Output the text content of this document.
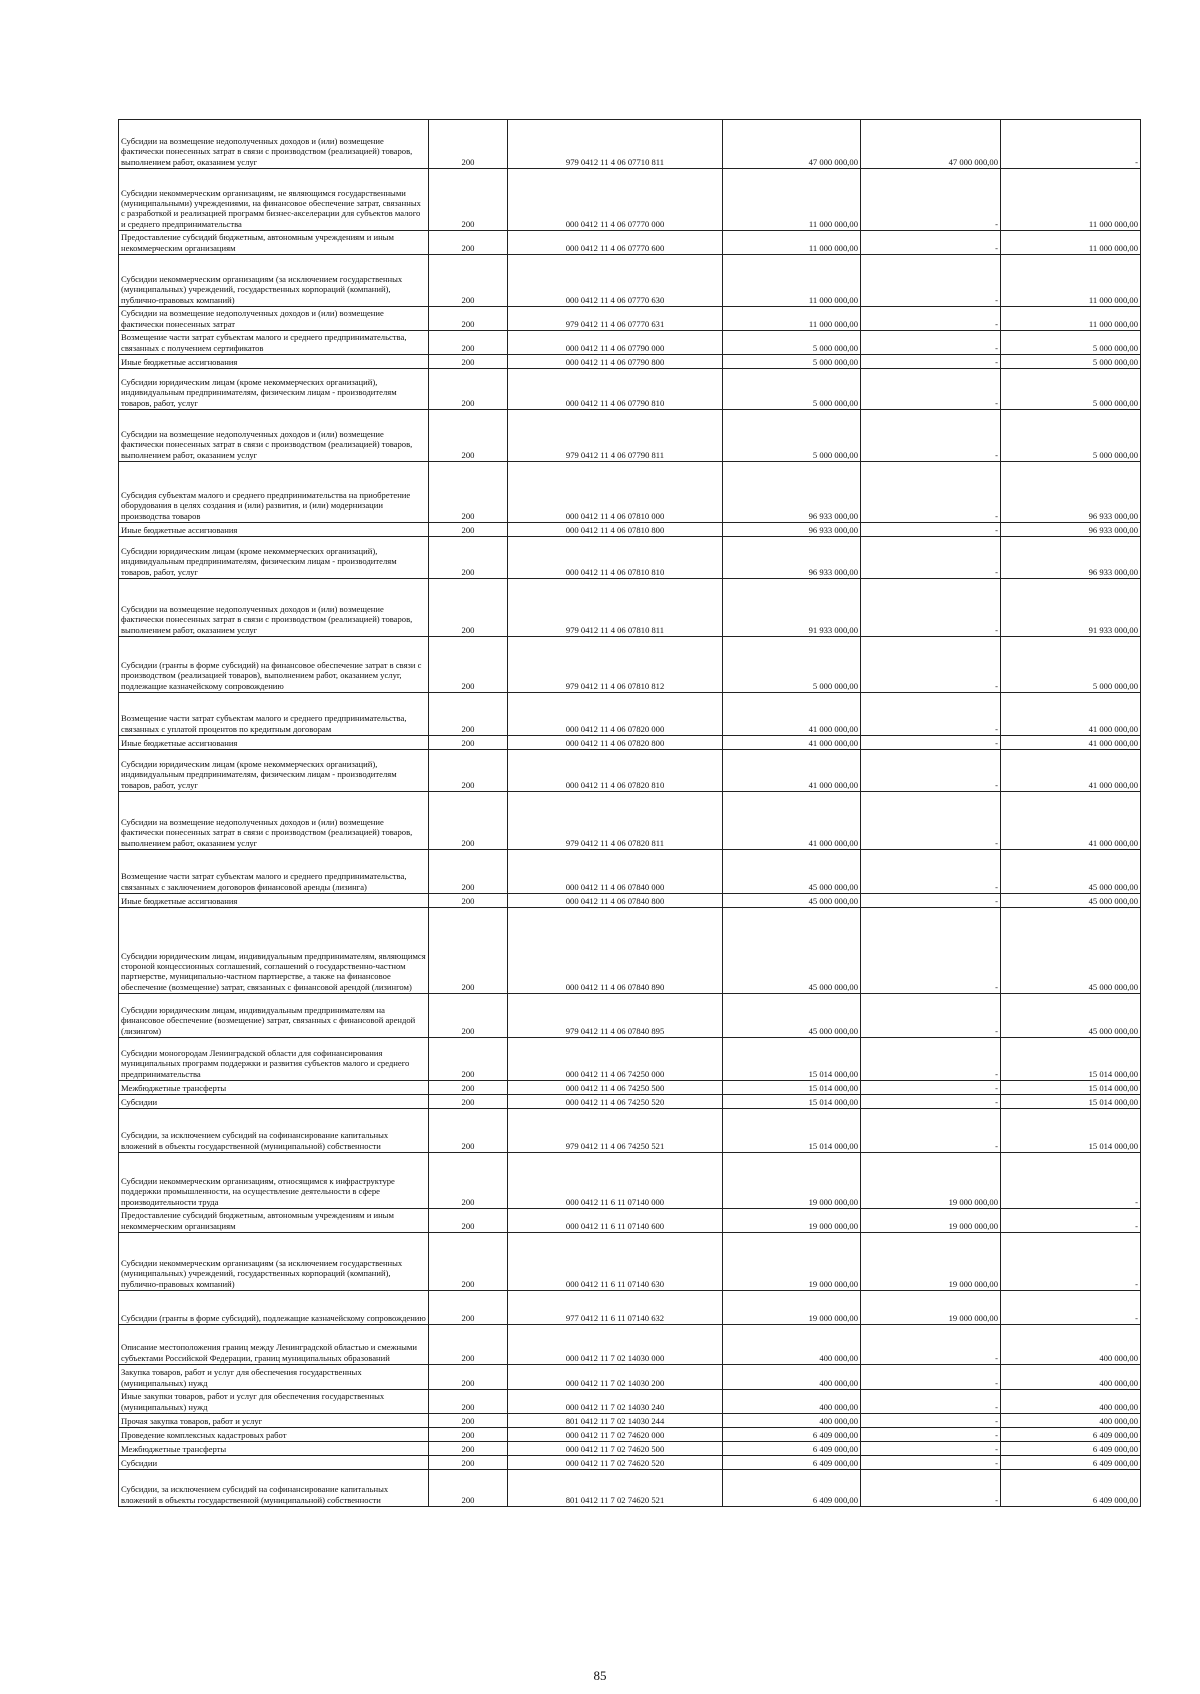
Субсидии на возмещение недополученных доходов и (или) возмещение фактически понесенных затрат в связи с производством (реализацией) товаров, выполнением работ, оказанием услуг	200	979 0412 11 4 06 07710 811	47 000 000,00	47 000 000,00	-
Субсидии некоммерческим организациям, не являющимся государственными (муниципальными) учреждениями, на финансовое обеспечение затрат, связанных с разработкой и реализацией программ бизнес-акселерации для субъектов малого и среднего предпринимательства	200	000 0412 11 4 06 07770 000	11 000 000,00	-	11 000 000,00
Предоставление субсидий бюджетным, автономным учреждениям и иным некоммерческим организациям	200	000 0412 11 4 06 07770 600	11 000 000,00	-	11 000 000,00
Субсидии некоммерческим организациям (за исключением государственных (муниципальных) учреждений, государственных корпораций (компаний), публично-правовых компаний)	200	000 0412 11 4 06 07770 630	11 000 000,00	-	11 000 000,00
Субсидии на возмещение недополученных доходов и (или) возмещение фактически понесенных затрат	200	979 0412 11 4 06 07770 631	11 000 000,00	-	11 000 000,00
Возмещение части затрат субъектам малого и среднего предпринимательства, связанных с получением сертификатов	200	000 0412 11 4 06 07790 000	5 000 000,00	-	5 000 000,00
Иные бюджетные ассигнования	200	000 0412 11 4 06 07790 800	5 000 000,00	-	5 000 000,00
Субсидии юридическим лицам (кроме некоммерческих организаций), индивидуальным предпринимателям, физическим лицам - производителям товаров, работ, услуг	200	000 0412 11 4 06 07790 810	5 000 000,00	-	5 000 000,00
Субсидии на возмещение недополученных доходов и (или) возмещение фактически понесенных затрат в связи с производством (реализацией) товаров, выполнением работ, оказанием услуг	200	979 0412 11 4 06 07790 811	5 000 000,00	-	5 000 000,00
Субсидия субъектам малого и среднего предпринимательства на приобретение оборудования в целях создания и (или) развития, и (или) модернизации производства товаров	200	000 0412 11 4 06 07810 000	96 933 000,00	-	96 933 000,00
Иные бюджетные ассигнования	200	000 0412 11 4 06 07810 800	96 933 000,00	-	96 933 000,00
Субсидии юридическим лицам (кроме некоммерческих организаций), индивидуальным предпринимателям, физическим лицам - производителям товаров, работ, услуг	200	000 0412 11 4 06 07810 810	96 933 000,00	-	96 933 000,00
Субсидии на возмещение недополученных доходов и (или) возмещение фактически понесенных затрат в связи с производством (реализацией) товаров, выполнением работ, оказанием услуг	200	979 0412 11 4 06 07810 811	91 933 000,00	-	91 933 000,00
Субсидии (гранты в форме субсидий) на финансовое обеспечение затрат в связи с производством (реализацией товаров), выполнением работ, оказанием услуг, подлежащие казначейскому сопровождению	200	979 0412 11 4 06 07810 812	5 000 000,00	-	5 000 000,00
Возмещение части затрат субъектам малого и среднего предпринимательства, связанных с уплатой процентов по кредитным договорам	200	000 0412 11 4 06 07820 000	41 000 000,00	-	41 000 000,00
Иные бюджетные ассигнования	200	000 0412 11 4 06 07820 800	41 000 000,00	-	41 000 000,00
Субсидии юридическим лицам (кроме некоммерческих организаций), индивидуальным предпринимателям, физическим лицам - производителям товаров, работ, услуг	200	000 0412 11 4 06 07820 810	41 000 000,00	-	41 000 000,00
Субсидии на возмещение недополученных доходов и (или) возмещение фактически понесенных затрат в связи с производством (реализацией) товаров, выполнением работ, оказанием услуг	200	979 0412 11 4 06 07820 811	41 000 000,00	-	41 000 000,00
Возмещение части затрат субъектам малого и среднего предпринимательства, связанных с заключением договоров финансовой аренды (лизинга)	200	000 0412 11 4 06 07840 000	45 000 000,00	-	45 000 000,00
Иные бюджетные ассигнования	200	000 0412 11 4 06 07840 800	45 000 000,00	-	45 000 000,00
Субсидии юридическим лицам, индивидуальным предпринимателям, являющимся стороной концессионных соглашений, соглашений о государственно-частном партнерстве, муниципально-частном партнерстве, а также на финансовое обеспечение (возмещение) затрат, связанных с финансовой арендой (лизингом)	200	000 0412 11 4 06 07840 890	45 000 000,00	-	45 000 000,00
Субсидии юридическим лицам, индивидуальным предпринимателям на финансовое обеспечение (возмещение) затрат, связанных с финансовой арендой (лизингом)	200	979 0412 11 4 06 07840 895	45 000 000,00	-	45 000 000,00
Субсидии моногородам Ленинградской области для софинансирования муниципальных программ поддержки и развития субъектов малого и среднего предпринимательства	200	000 0412 11 4 06 74250 000	15 014 000,00	-	15 014 000,00
Межбюджетные трансферты	200	000 0412 11 4 06 74250 500	15 014 000,00	-	15 014 000,00
Субсидии	200	000 0412 11 4 06 74250 520	15 014 000,00	-	15 014 000,00
Субсидии, за исключением субсидий на софинансирование капитальных вложений в объекты государственной (муниципальной) собственности	200	979 0412 11 4 06 74250 521	15 014 000,00	-	15 014 000,00
Субсидии некоммерческим организациям, относящимся к инфраструктуре поддержки промышленности, на осуществление деятельности в сфере производительности труда	200	000 0412 11 6 11 07140 000	19 000 000,00	19 000 000,00	-
Предоставление субсидий бюджетным, автономным учреждениям и иным некоммерческим организациям	200	000 0412 11 6 11 07140 600	19 000 000,00	19 000 000,00	-
Субсидии некоммерческим организациям (за исключением государственных (муниципальных) учреждений, государственных корпораций (компаний), публично-правовых компаний)	200	000 0412 11 6 11 07140 630	19 000 000,00	19 000 000,00	-
Субсидии (гранты в форме субсидий), подлежащие казначейскому сопровождению	200	977 0412 11 6 11 07140 632	19 000 000,00	19 000 000,00	-
Описание местоположения границ между Ленинградской областью и смежными субъектами Российской Федерации, границ муниципальных образований	200	000 0412 11 7 02 14030 000	400 000,00	-	400 000,00
Закупка товаров, работ и услуг для обеспечения государственных (муниципальных) нужд	200	000 0412 11 7 02 14030 200	400 000,00	-	400 000,00
Иные закупки товаров, работ и услуг для обеспечения государственных (муниципальных) нужд	200	000 0412 11 7 02 14030 240	400 000,00	-	400 000,00
Прочая закупка товаров, работ и услуг	200	801 0412 11 7 02 14030 244	400 000,00	-	400 000,00
Проведение комплексных кадастровых работ	200	000 0412 11 7 02 74620 000	6 409 000,00	-	6 409 000,00
Межбюджетные трансферты	200	000 0412 11 7 02 74620 500	6 409 000,00	-	6 409 000,00
Субсидии	200	000 0412 11 7 02 74620 520	6 409 000,00	-	6 409 000,00
Субсидии, за исключением субсидий на софинансирование капитальных вложений в объекты государственной (муниципальной) собственности	200	801 0412 11 7 02 74620 521	6 409 000,00	-	6 409 000,00
85
